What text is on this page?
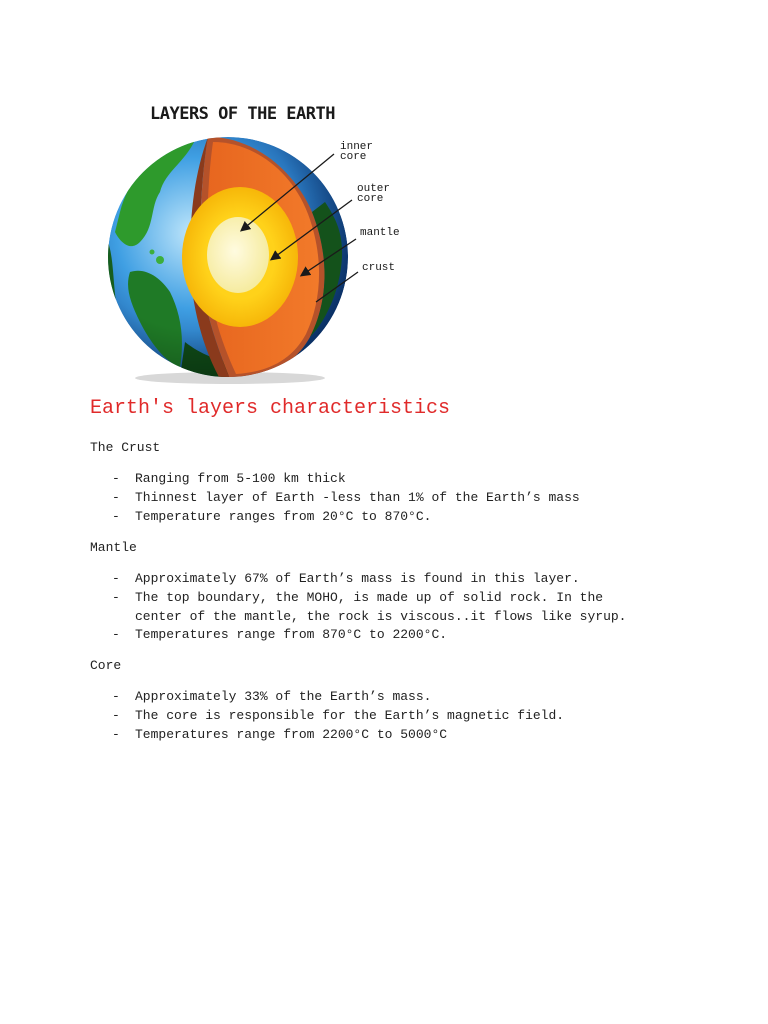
LAYERS OF THE EARTH
inner
core
outer
core
mantle
crust
Earth's layers characteristics
The Crust
- Ranging from 5-100 km thick
- Thinnest layer of Earth -less than 1% of the Earth’s mass
- Temperature ranges from 20°C to 870°C.
Mantle
- Approximately 67% of Earth’s mass is found in this layer.
- The top boundary, the MOHO, is made up of solid rock. In the
center of the mantle, the rock is viscous..it flows like syrup.
- Temperatures range from 870°C to 2200°C.
Core
- Approximately 33% of the Earth’s mass.
- The core is responsible for the Earth’s magnetic field.
- Temperatures range from 2200°C to 5000°C
